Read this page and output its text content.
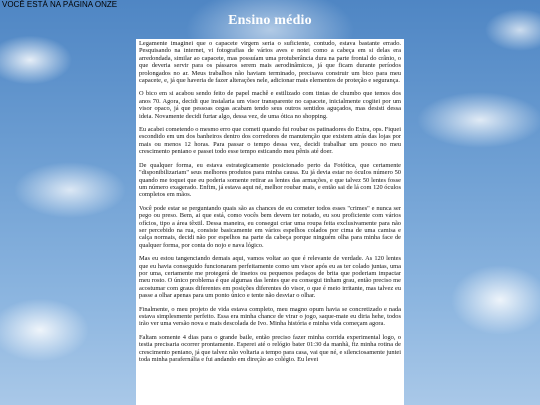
VOCÊ ESTÁ NA PÁGINA ONZE
Ensino médio

Legamente imaginei que o capacete virgem seria o suficiente, contudo, estava bastante errado. Pesquisando na internet, vi fotografias de vários aves e notei como a cabeça em si delas era arredondada, similar ao capacete, mas possuíam uma protuberância dura na parte frontal do crânio, o que deveria servir para os pássaros serem mais aerodinâmicos, já que ficam durante períodos prolongados no ar. Meus trabalhos não haviam terminado, precisava construir um bico para meu capacete, e, já que haveria de fazer alterações nele, adicionar mais elementos de proteção e segurança.

O bico em si acabou sendo feito de papel machê e estilizado com tintas de chumbo que temos dos anos 70. Agora, decidi que instalaria um visor transparente no capacete, inicialmente cogitei por um visor opaco, já que pessoas cegas acabam tendo seus outros sentidos aguçados, mas desisti dessa ideia. Novamente decidi furtar algo, dessa vez, de uma ótica no shopping.

Eu acabei cometendo o mesmo erro que cometi quando fui roubar os patinadores do Extra, ops. Fiquei escondido em um dos banheiros dentro dos corredores de manutenção que existem atrás das lojas por mais ou menos 12 horas. Para passar o tempo dessa vez, decidi trabalhar um pouco no meu crescimento peniano e passei todo esse tempo esticando meu pênis até doer.

De qualquer forma, eu estava estrategicamente posicionado perto da Fotótica, que certamente "disponibilizariam" seus melhores produtos para minha causa. Eu já devia estar no ócuIos número 50 quando me toquei que eu poderia somente retirar as lentes das armações, e que talvez 50 lentes fosse um número exagerado. Enfim, já estava aqui né, melhor roubar mais, e então sai de lá com 120 óculos completos em mãos.

Você pode estar se perguntando quais são as chances de eu cometer todos esses "crimes" e nunca ser pego ou preso. Bem, ai que está, como vocês bem devem ter notado, eu sou proficiente com vários ofícios, tipo a área têxtil. Dessa maneira, eu consegui criar uma roupa feita exclusivamente para não ser percebido na rua, consiste basicamente em vários espelhos colados por cima de uma camisa e calça normais, decidi não por espelhos na parte da cabeça porque ninguém olha para minha face de qualquer forma, por conta do nojo e nava lógico.

Mas eu estou tangenciando demais aqui, vamos voltar ao que é relevante de verdade. As 120 lentes que eu havia conseguido funcionaram perfeitamente como um visor após eu as ter colado juntas, uma por uma, certamente me protegerá de insetos ou pequenos pedaços de brita que poderiam impactar meu rosto. O único problema é que algumas das lentes que eu consegui tinham grau, então preciso me acostumar com graus diferentes em posições diferentes do visor, o que é meio irritante, mas talvez eu passe a olhar apenas para um ponto único e tente não desviar o olhar.

Finalmente, o meu projeto de vida estava completo, meu magno opum havia se concretizado e nada estava simplesmente perfeito. Essa era minha chance de virar o jogo, saque-mate eu diria hehe, todos irão ver uma versão nova e mais descolada de Ivo. Minha história e minha vida começam agora.

Faltam somente 4 dias para o grande baile, então preciso fazer minha corrida experimental logo, o testia precisaria ocorrer prontamente. Esperei até o relógio bater 01:30 da manhã, fiz minha rotina de crescimento peniano, já que talvez não voltaria a tempo para casa, vai que né, e silenciosamente juntei toda minha parafernália e fui andando em direção ao colégio. Eu levei
